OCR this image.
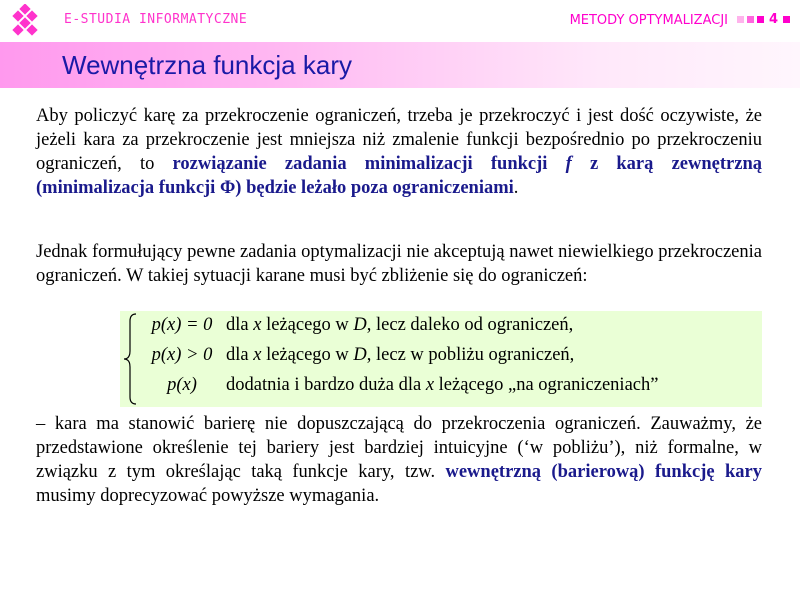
E-STUDIA INFORMATYCZNE	METODY OPTYMALIZACJI	4
Wewnętrzna funkcja kary
Aby policzyć karę za przekroczenie ograniczeń, trzeba je przekroczyć i jest dość oczywiste, że jeżeli kara za przekroczenie jest mniejsza niż zmalenie funkcji bezpośrednio po przekroczeniu ograniczeń, to rozwiązanie zadania minimalizacji funkcji f z karą zewnętrzną (minimalizacja funkcji Φ) będzie leżało poza ograniczeniami.
Jednak formułujący pewne zadania optymalizacji nie akceptują nawet niewielkiego przekroczenia ograniczeń. W takiej sytuacji karane musi być zbliżenie się do ograniczeń:
p(x) = 0 dla x leżącego w D, lecz daleko od ograniczeń,
p(x) > 0 dla x leżącego w D, lecz w pobliżu ograniczeń,
p(x)	dodatnia i bardzo duża dla x leżącego „na ograniczeniach”
– kara ma stanowić barierę nie dopuszczającą do przekroczenia ograniczeń. Zauważmy, że przedstawione określenie tej bariery jest bardziej intuicyjne (‘w pobliżu’), niż formalne, w związku z tym określając taką funkcje kary, tzw. wewnętrzną (barierową) funkcję kary musimy doprecyzować powyższe wymagania.
